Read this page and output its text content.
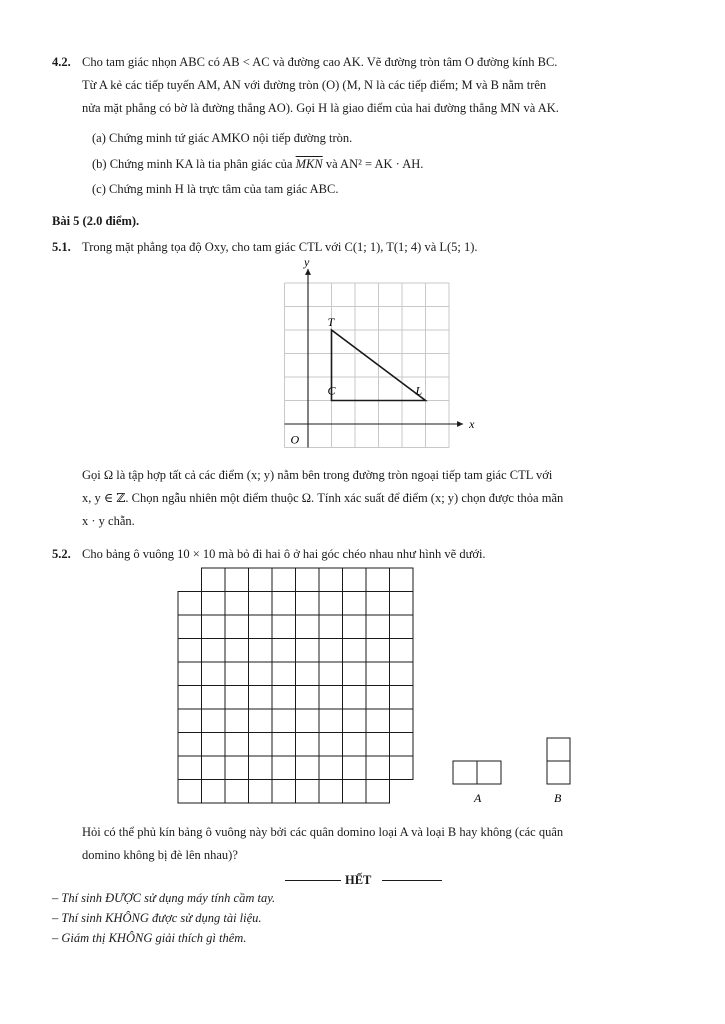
4.2. Cho tam giác nhọn ABC có AB < AC và đường cao AK. Vẽ đường tròn tâm O đường kính BC.
Từ A kẻ các tiếp tuyến AM, AN với đường tròn (O) (M, N là các tiếp điểm; M và B nằm trên
nửa mặt phẳng có bờ là đường thẳng AO). Gọi H là giao điểm của hai đường thẳng MN và AK.
(a) Chứng minh tứ giác AMKO nội tiếp đường tròn.
(b) Chứng minh KA là tia phân giác của $\overline{MKN}$ và AN² = AK · AH.
(c) Chứng minh H là trực tâm của tam giác ABC.
Bài 5 (2.0 điểm).
5.1. Trong mặt phẳng tọa độ Oxy, cho tam giác CTL với C(1; 1), T(1; 4) và L(5; 1).
y
x
O
T
C	L
Gọi Ω là tập hợp tất cả các điểm (x; y) nằm bên trong đường tròn ngoại tiếp tam giác CTL với
x, y ∈ ℤ. Chọn ngẫu nhiên một điểm thuộc Ω. Tính xác suất để điểm (x; y) chọn được thỏa mãn
x · y chẵn.
5.2. Cho bảng ô vuông 10 × 10 mà bỏ đi hai ô ở hai góc chéo nhau như hình vẽ dưới.
A	B
Hỏi có thể phủ kín bảng ô vuông này bởi các quân domino loại A và loại B hay không (các quân
domino không bị đè lên nhau)?
HẾT
– Thí sinh ĐƯỢC sử dụng máy tính cầm tay.
– Thí sinh KHÔNG được sử dụng tài liệu.
– Giám thị KHÔNG giải thích gì thêm.
